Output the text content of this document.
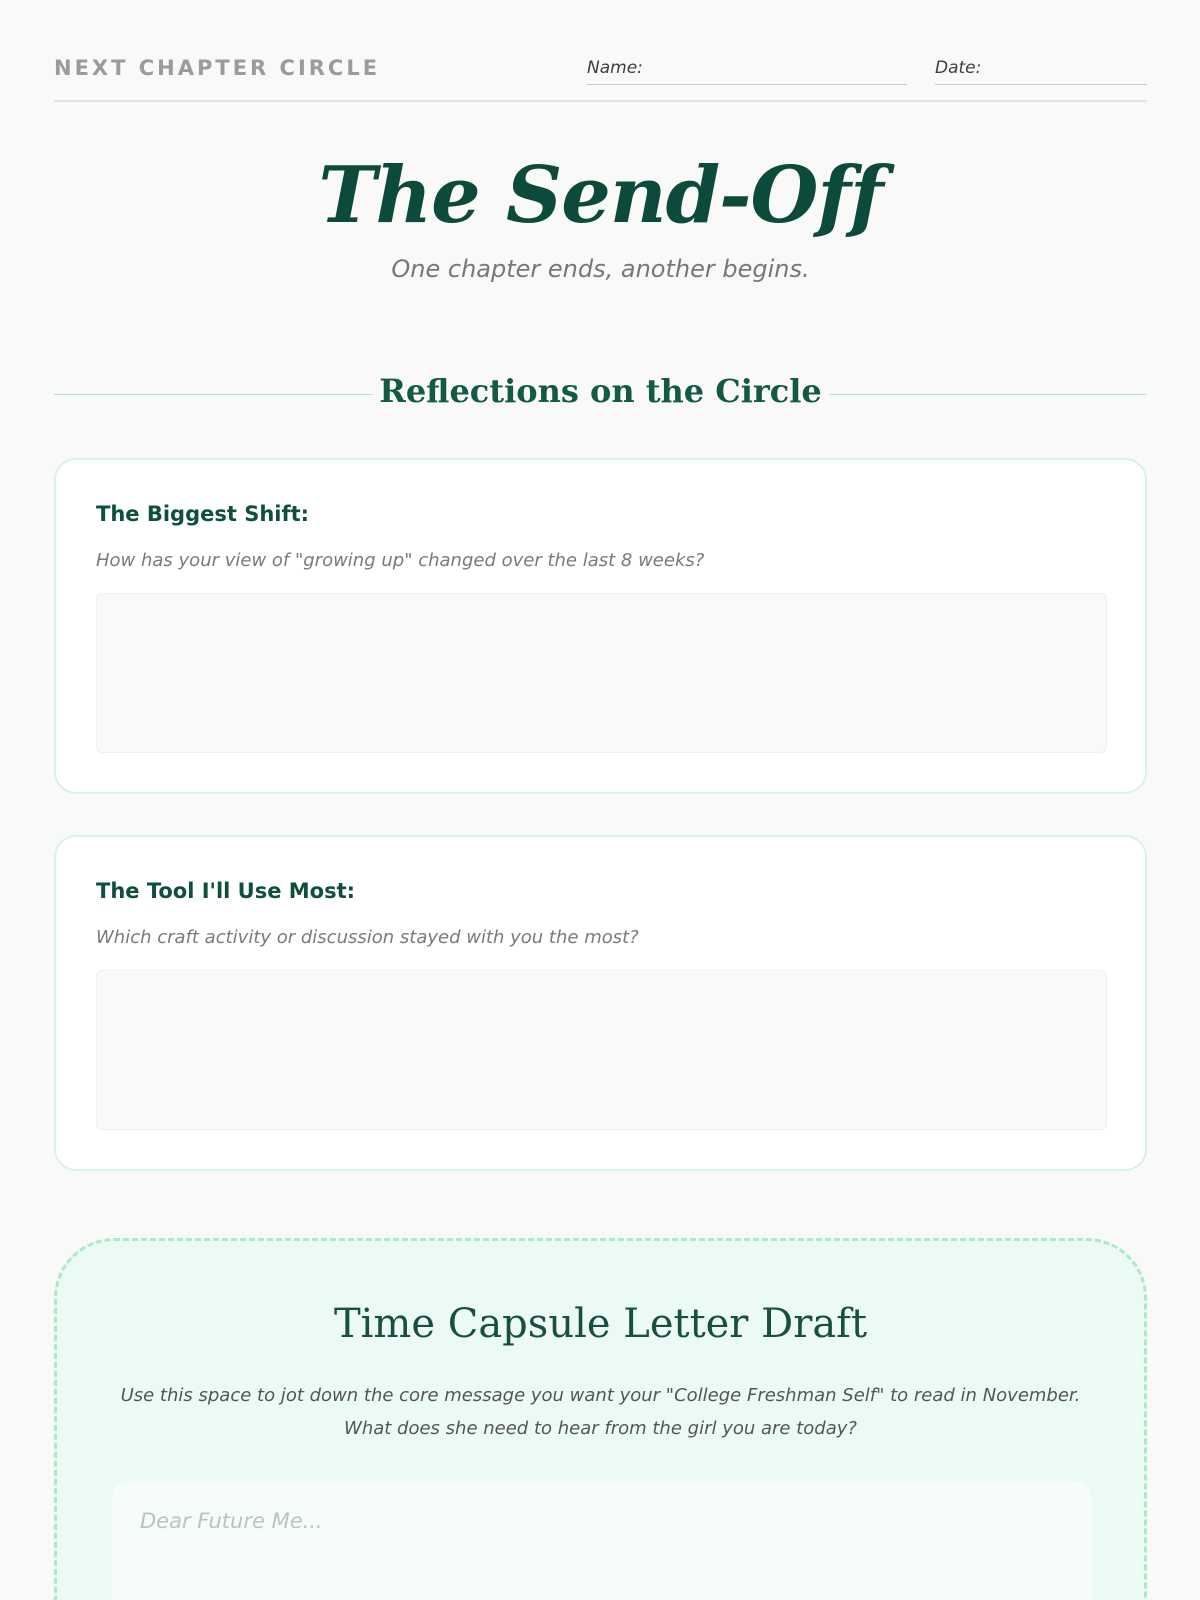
NEXT CHAPTER CIRCLE	Name:	Date:
The Send-Off
One chapter ends, another begins.
Reflections on the Circle
The Biggest Shift:
How has your view of "growing up" changed over the last 8 weeks?
The Tool I'll Use Most:
Which craft activity or discussion stayed with you the most?
Time Capsule Letter Draft
Use this space to jot down the core message you want your "College Freshman Self" to read in November.
What does she need to hear from the girl you are today?
Dear Future Me...
